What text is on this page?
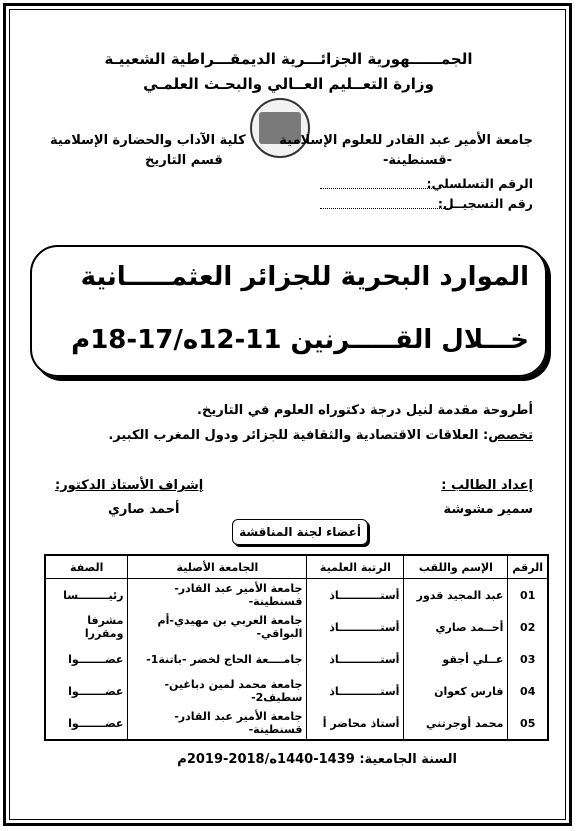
الجمــــــهورية الجزائـــرية الديمقـــراطية الشعبيـة
وزارة التعــليم العــالي والبحـث العلمـي
جامعة الأمير عبد القادر للعلوم الإسلامية
-قسنطينة-
كلية الآداب والحضارة الإسلامية
قسم التاريخ
الرقم التسلسلي:
رقم التسجيــل:
الموارد البحرية للجزائر العثمـــــانية
خـــلال القـــــرنين 11-12ه/17-18م
أطروحة مقدمة لنيل درجة دكتوراه العلوم في التاريخ.
تخصص: العلاقات الاقتصادية والثقافية للجزائر ودول المغرب الكبير.
إعداد الطالب :
سمير مشوشة
إشراف الأستاذ الدكتور:
أحمد صاري
أعضاء لجنة المناقشة
الرقم	الإسم واللقب	الرتبة العلمية	الجامعة الأصلية	الصفة
01	عبد المجيد قدور	أستـــــــــــاذ	جامعة الأمير عبد القادر-قسنطينة-	رئيــــــــسا
02	أحــمد صاري	أستـــــــــــاذ	جامعة العربي بن مهيدي-أم البواقي-	مشرفا ومقررا
03	عــلي أجقو	أستـــــــــــاذ	جامــــعة الحاج لخضر -باتنة1-	عضـــــــوا
04	فارس كعوان	أستـــــــــــاذ	جامعة محمد لمين دباغين-سطيف2-	عضـــــــوا
05	محمد أوجرتني	أستاذ محاضر أ	جامعة الأمير عبد القادر-قسنطينة-	عضـــــــوا
السنة الجامعية: 1439-1440ه/2018-2019م
